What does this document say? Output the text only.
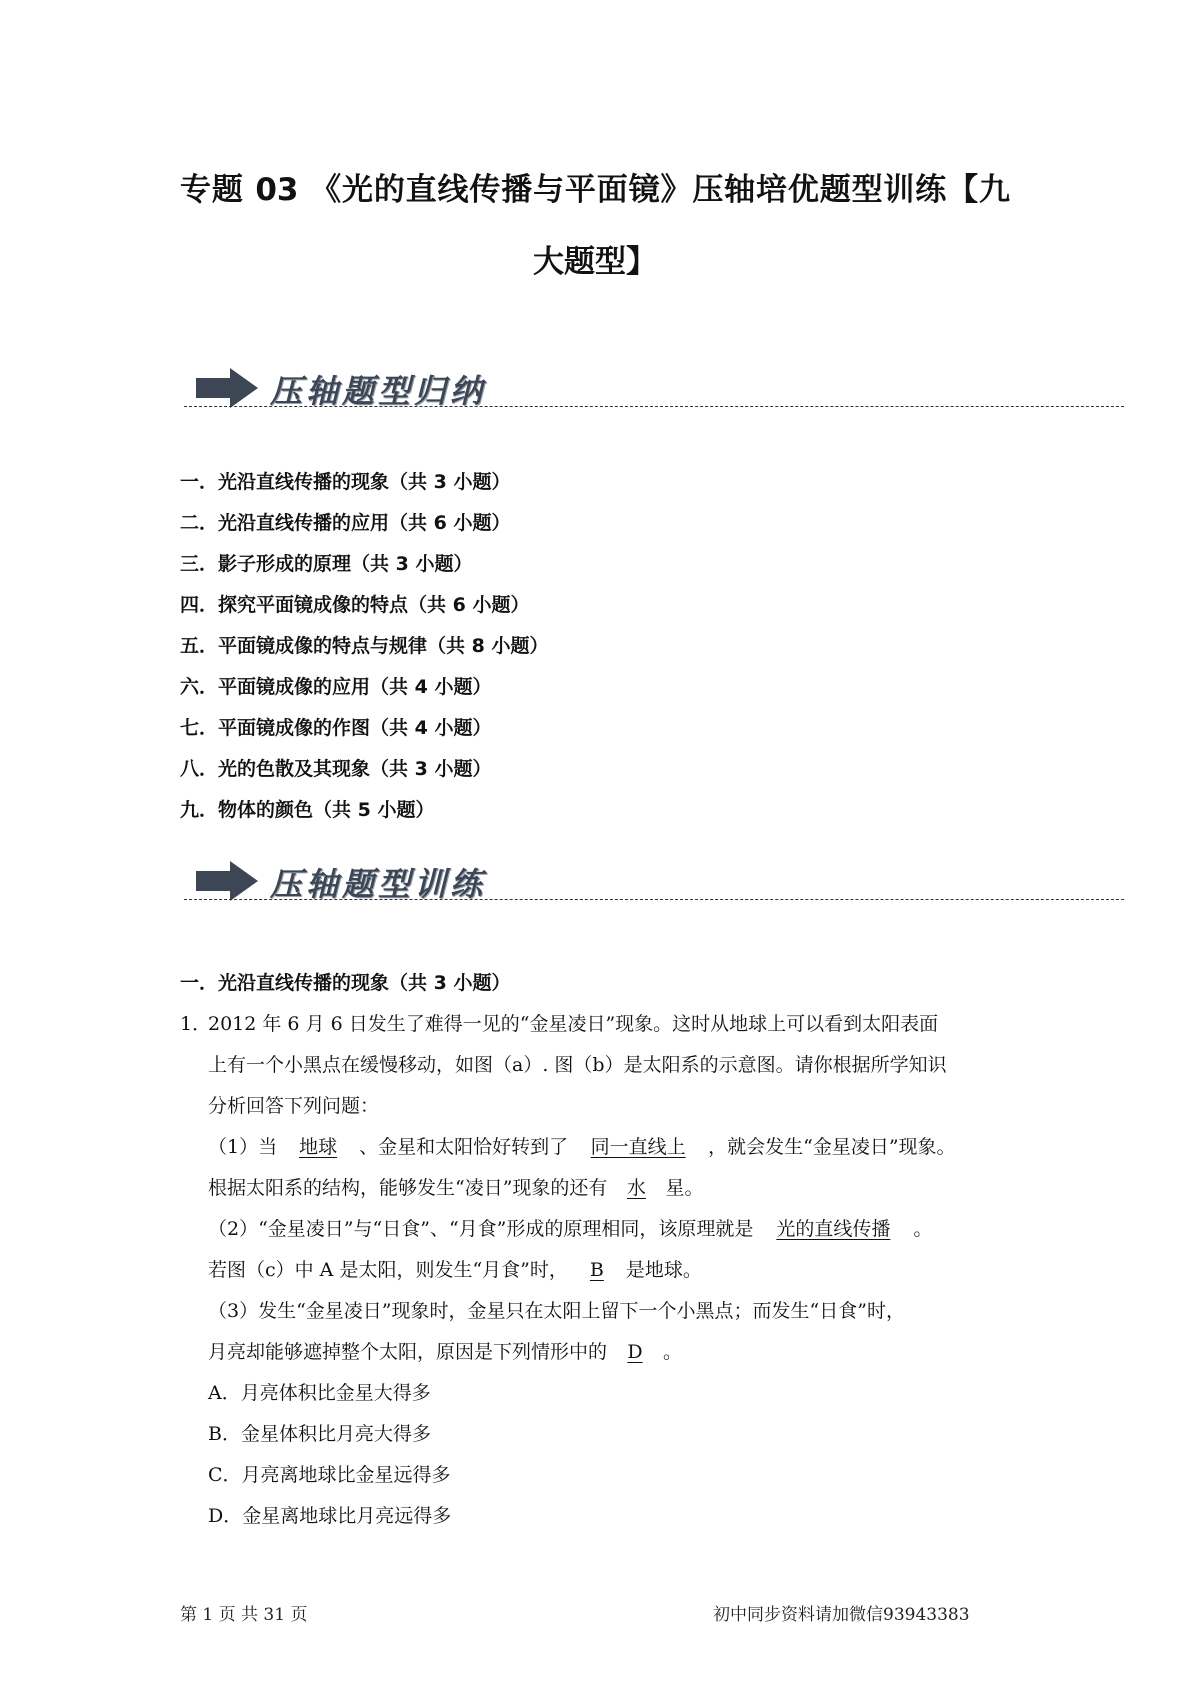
专题 03 《光的直线传播与平面镜》压轴培优题型训练【九
大题型】
压轴题型归纳
一．光沿直线传播的现象（共 3 小题）
二．光沿直线传播的应用（共 6 小题）
三．影子形成的原理（共 3 小题）
四．探究平面镜成像的特点（共 6 小题）
五．平面镜成像的特点与规律（共 8 小题）
六．平面镜成像的应用（共 4 小题）
七．平面镜成像的作图（共 4 小题）
八．光的色散及其现象（共 3 小题）
九．物体的颜色（共 5 小题）
压轴题型训练
一．光沿直线传播的现象（共 3 小题）
1．2012 年 6 月 6 日发生了难得一见的“金星凌日”现象。这时从地球上可以看到太阳表面
上有一个小黑点在缓慢移动，如图（a）. 图（b）是太阳系的示意图。请你根据所学知识
分析回答下列问题：
（1）当 地球 、金星和太阳恰好转到了 同一直线上 ，就会发生“金星凌日”现象。
根据太阳系的结构，能够发生“凌日”现象的还有 水 星。
（2）“金星凌日”与“日食”、“月食”形成的原理相同，该原理就是 光的直线传播 。
若图（c）中 A 是太阳，则发生“月食”时， B 是地球。
（3）发生“金星凌日”现象时，金星只在太阳上留下一个小黑点；而发生“日食”时，
月亮却能够遮掉整个太阳，原因是下列情形中的 D 。
A．月亮体积比金星大得多
B．金星体积比月亮大得多
C．月亮离地球比金星远得多
D．金星离地球比月亮远得多
第 1 页 共 31 页	初中同步资料请加微信93943383
